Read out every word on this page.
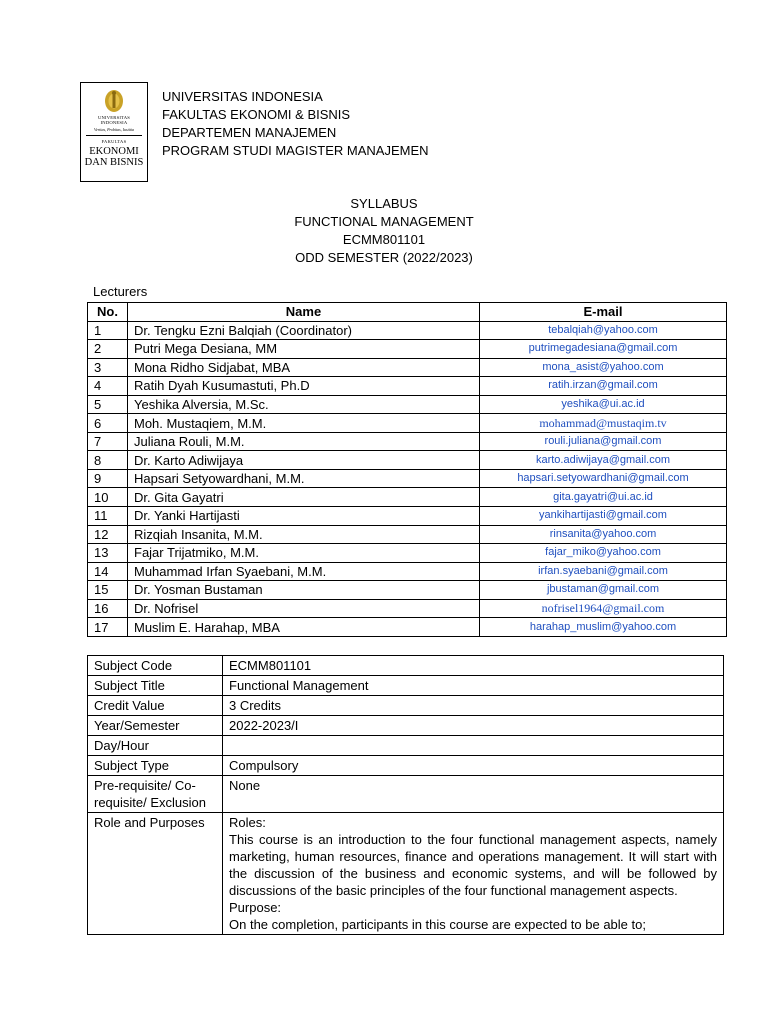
UNIVERSITAS
INDONESIA
Veritas, Probitas, Iustitia
FAKULTAS
EKONOMI
DAN BISNIS
UNIVERSITAS INDONESIA
FAKULTAS EKONOMI & BISNIS
DEPARTEMEN MANAJEMEN
PROGRAM STUDI MAGISTER MANAJEMEN
SYLLABUS
FUNCTIONAL MANAGEMENT
ECMM801101
ODD SEMESTER (2022/2023)
Lecturers
No.	Name	E-mail
1	Dr. Tengku Ezni Balqiah (Coordinator)	tebalqiah@yahoo.com
2	Putri Mega Desiana, MM	putrimegadesiana@gmail.com
3	Mona Ridho Sidjabat, MBA	mona_asist@yahoo.com
4	Ratih Dyah Kusumastuti, Ph.D	ratih.irzan@gmail.com
5	Yeshika Alversia, M.Sc.	yeshika@ui.ac.id
6	Moh. Mustaqiem, M.M.	mohammad@mustaqim.tv
7	Juliana Rouli, M.M.	rouli.juliana@gmail.com
8	Dr. Karto Adiwijaya	karto.adiwijaya@gmail.com
9	Hapsari Setyowardhani, M.M.	hapsari.setyowardhani@gmail.com
10	Dr. Gita Gayatri	gita.gayatri@ui.ac.id
11	Dr. Yanki Hartijasti	yankihartijasti@gmail.com
12	Rizqiah Insanita, M.M.	rinsanita@yahoo.com
13	Fajar Trijatmiko, M.M.	fajar_miko@yahoo.com
14	Muhammad Irfan Syaebani, M.M.	irfan.syaebani@gmail.com
15	Dr. Yosman Bustaman	jbustaman@gmail.com
16	Dr. Nofrisel	nofrisel1964@gmail.com
17	Muslim E. Harahap, MBA	harahap_muslim@yahoo.com
Subject Code	ECMM801101
Subject Title	Functional Management
Credit Value	3 Credits
Year/Semester	2022-2023/I
Day/Hour	
Subject Type	Compulsory
Pre-requisite/ Co-requisite/ Exclusion	None
Role and Purposes	Roles:
This course is an introduction to the four functional management aspects, namely marketing, human resources, finance and operations management. It will start with the discussion of the business and economic systems, and will be followed by discussions of the basic principles of the four functional management aspects.
Purpose:
On the completion, participants in this course are expected to be able to;
